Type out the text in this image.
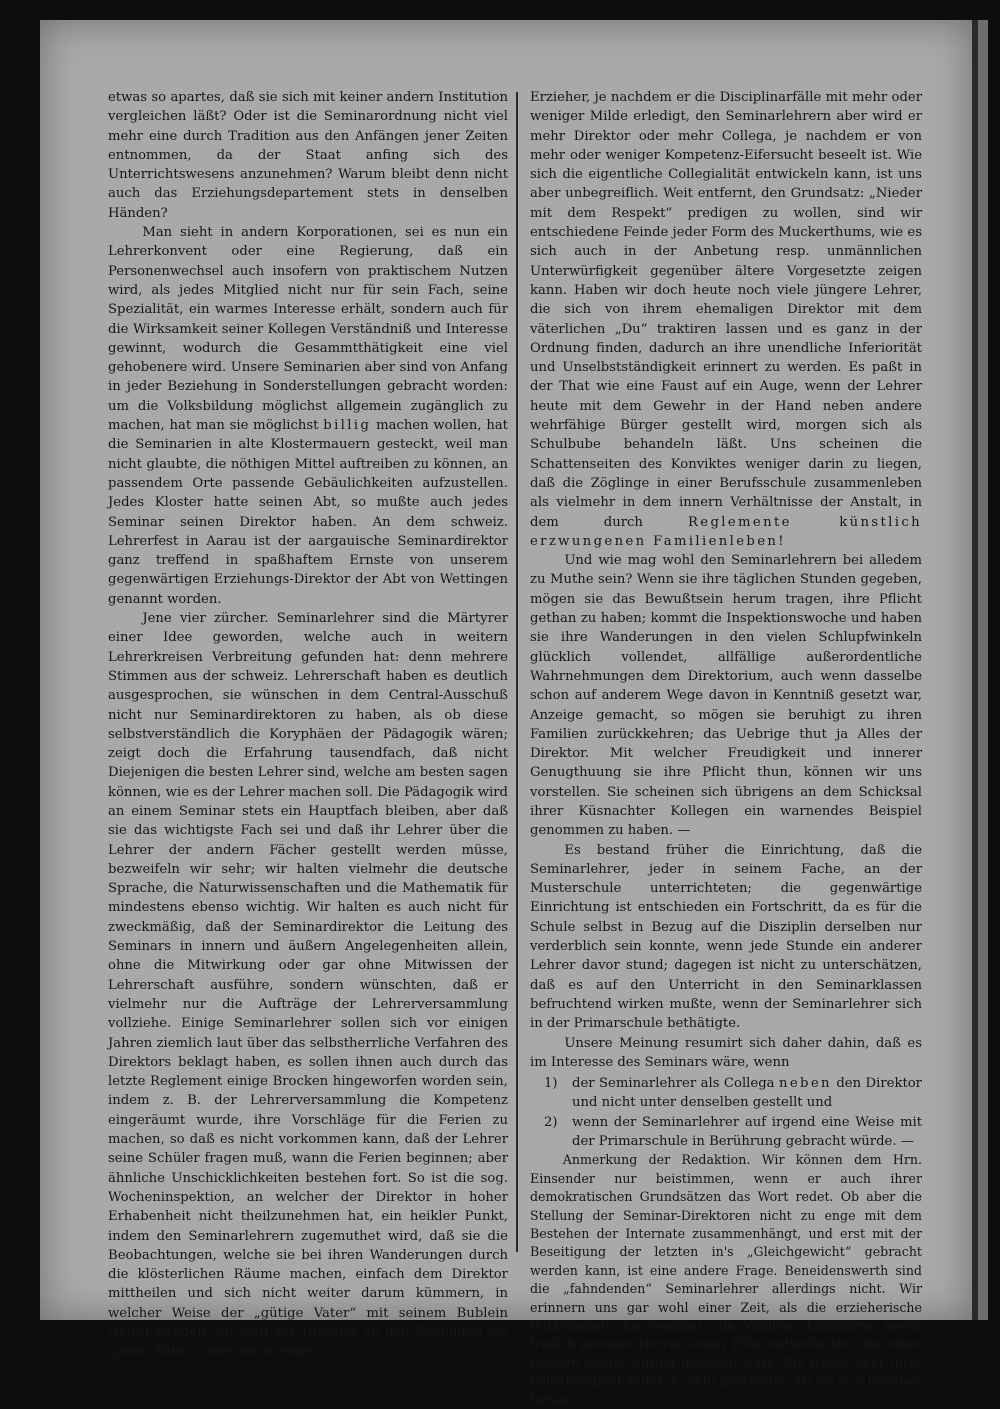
etwas so apartes, daß sie sich mit keiner andern Institution vergleichen läßt? Oder ist die Seminarordnung nicht viel mehr eine durch Tradition aus den Anfängen jener Zeiten entnommen, da der Staat anfing sich des Unterrichtswesens anzunehmen? Warum bleibt denn nicht auch das Erziehungsdepartement stets in denselben Händen?

Man sieht in andern Korporationen, sei es nun ein Lehrerkonvent oder eine Regierung, daß ein Personenwechsel auch insofern von praktischem Nutzen wird, als jedes Mitglied nicht nur für sein Fach, seine Spezialität, ein warmes Interesse erhält, sondern auch für die Wirksamkeit seiner Kollegen Verständniß und Interesse gewinnt, wodurch die Gesammtthätigkeit eine viel gehobenere wird. Unsere Seminarien aber sind von Anfang in jeder Beziehung in Sonderstellungen gebracht worden: um die Volksbildung möglichst allgemein zugänglich zu machen, hat man sie möglichst billig machen wollen, hat die Seminarien in alte Klostermauern gesteckt, weil man nicht glaubte, die nöthigen Mittel auftreiben zu können, an passendem Orte passende Gebäulichkeiten aufzustellen. Jedes Kloster hatte seinen Abt, so mußte auch jedes Seminar seinen Direktor haben. An dem schweiz. Lehrerfest in Aarau ist der aargauische Seminardirektor ganz treffend in spaßhaftem Ernste von unserem gegenwärtigen Erziehungs-Direktor der Abt von Wettingen genannt worden.

Jene vier zürcher. Seminarlehrer sind die Märtyrer einer Idee geworden, welche auch in weitern Lehrerkreisen Verbreitung gefunden hat: denn mehrere Stimmen aus der schweiz. Lehrerschaft haben es deutlich ausgesprochen, sie wünschen in dem Central-Ausschuß nicht nur Seminardirektoren zu haben, als ob diese selbstverständlich die Koryphäen der Pädagogik wären; zeigt doch die Erfahrung tausendfach, daß nicht Diejenigen die besten Lehrer sind, welche am besten sagen können, wie es der Lehrer machen soll. Die Pädagogik wird an einem Seminar stets ein Hauptfach bleiben, aber daß sie das wichtigste Fach sei und daß ihr Lehrer über die Lehrer der andern Fächer gestellt werden müsse, bezweifeln wir sehr; wir halten vielmehr die deutsche Sprache, die Naturwissenschaften und die Mathematik für mindestens ebenso wichtig. Wir halten es auch nicht für zweckmäßig, daß der Seminardirektor die Leitung des Seminars in innern und äußern Angelegenheiten allein, ohne die Mitwirkung oder gar ohne Mitwissen der Lehrerschaft ausführe, sondern wünschten, daß er vielmehr nur die Aufträge der Lehrerversammlung vollziehe. Einige Seminarlehrer sollen sich vor einigen Jahren ziemlich laut über das selbstherrliche Verfahren des Direktors beklagt haben, es sollen ihnen auch durch das letzte Reglement einige Brocken hingeworfen worden sein, indem z. B. der Lehrerversammlung die Kompetenz eingeräumt wurde, ihre Vorschläge für die Ferien zu machen, so daß es nicht vorkommen kann, daß der Lehrer seine Schüler fragen muß, wann die Ferien beginnen; aber ähnliche Unschicklichkeiten bestehen fort. So ist die sog. Wocheninspektion, an welcher der Direktor in hoher Erhabenheit nicht theilzunehmen hat, ein heikler Punkt, indem den Seminarlehrern zugemuthet wird, daß sie die Beobachtungen, welche sie bei ihren Wanderungen durch die klösterlichen Räume machen, einfach dem Direktor mittheilen und sich nicht weiter darum kümmern, in welcher Weise der „gütige Vater“ mit seinem Bublein weiter handelt. So wird der Direktor an den Zöglingen ein „guter Vater“ oder ein strenger

Erzieher, je nachdem er die Disciplinarfälle mit mehr oder weniger Milde erledigt, den Seminarlehrern aber wird er mehr Direktor oder mehr Collega, je nachdem er von mehr oder weniger Kompetenz-Eifersucht beseelt ist. Wie sich die eigentliche Collegialität entwickeln kann, ist uns aber unbegreiflich. Weit entfernt, den Grundsatz: „Nieder mit dem Respekt“ predigen zu wollen, sind wir entschiedene Feinde jeder Form des Muckerthums, wie es sich auch in der Anbetung resp. unmännlichen Unterwürfigkeit gegenüber ältere Vorgesetzte zeigen kann. Haben wir doch heute noch viele jüngere Lehrer, die sich von ihrem ehemaligen Direktor mit dem väterlichen „Du“ traktiren lassen und es ganz in der Ordnung finden, dadurch an ihre unendliche Inferiorität und Unselbstständigkeit erinnert zu werden. Es paßt in der That wie eine Faust auf ein Auge, wenn der Lehrer heute mit dem Gewehr in der Hand neben andere wehrfähige Bürger gestellt wird, morgen sich als Schulbube behandeln läßt. Uns scheinen die Schattenseiten des Konviktes weniger darin zu liegen, daß die Zöglinge in einer Berufsschule zusammenleben als vielmehr in dem innern Verhältnisse der Anstalt, in dem durch	Reglemente künstlich erzwungenen Familienleben!

Und wie mag wohl den Seminarlehrern bei alledem zu Muthe sein? Wenn sie ihre täglichen Stunden gegeben, mögen sie das Bewußtsein herum tragen, ihre Pflicht gethan zu haben; kommt die Inspektionswoche und haben sie ihre Wanderungen in den vielen Schlupfwinkeln glücklich vollendet, allfällige außerordentliche Wahrnehmungen dem Direktorium, auch wenn dasselbe schon auf anderem Wege davon in Kenntniß gesetzt war, Anzeige gemacht, so mögen sie beruhigt zu ihren Familien zurückkehren; das Uebrige thut ja Alles der Direktor. Mit welcher Freudigkeit und innerer Genugthuung sie ihre Pflicht thun, können wir uns vorstellen. Sie scheinen sich übrigens an dem Schicksal ihrer Küsnachter Kollegen ein warnendes Beispiel genommen zu haben. —

Es bestand früher die Einrichtung, daß die Seminarlehrer, jeder in seinem Fache, an der Musterschule unterrichteten; die gegenwärtige Einrichtung ist entschieden ein Fortschritt, da es für die Schule selbst in Bezug auf die Disziplin derselben nur verderblich sein konnte, wenn jede Stunde ein anderer Lehrer davor stund; dagegen ist nicht zu unterschätzen, daß es auf den Unterricht in den Seminarklassen befruchtend wirken mußte, wenn der Seminarlehrer sich in der Primarschule bethätigte.

Unsere Meinung resumirt sich daher dahin, daß es im Interesse des Seminars wäre, wenn

1)	der Seminarlehrer als Collega neben den Direktor und nicht unter denselben gestellt und
2)	wenn der Seminarlehrer auf irgend eine Weise mit der Primarschule in Berührung gebracht würde. —

Anmerkung der Redaktion. Wir können dem Hrn. Einsender nur beistimmen, wenn er auch ihrer demokratischen Grundsätzen das Wort redet. Ob aber die Stellung der Seminar-Direktoren nicht zu enge mit dem Bestehen der Internate zusammenhängt, und erst mit der Beseitigung der letzten in's „Gleichgewicht“ gebracht werden kann, ist eine andere Frage. Beneidenswerth sind die „fahndenden“ Seminarlehrer allerdings nicht. Wir erinnern uns gar wohl einer Zeit, als die erzieherische Wirksamkeit des Seminars im Vigiliren kulminirte, worin freilich gewisse Herren einen Eifer entwickelten, der einer bessern Sache würdig gewesen wäre. Sie haben aber ihrer Lehrthätigkeit dadurch mehr geschadet, als sie sich träumen ließen.
